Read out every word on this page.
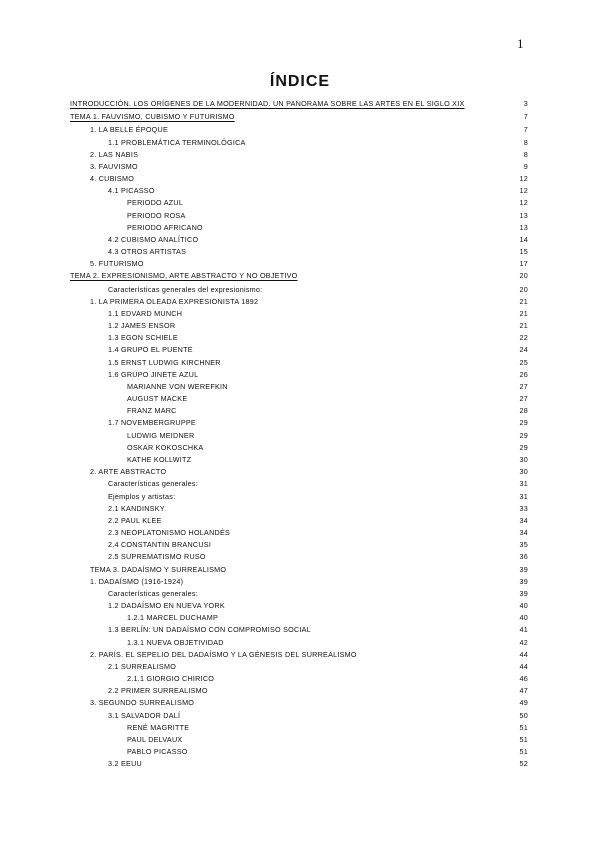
1
ÍNDICE
INTRODUCCIÓN. LOS ORÍGENES DE LA MODERNIDAD. UN PANORAMA SOBRE LAS ARTES EN EL SIGLO XIX	3
TEMA 1. FAUVISMO, CUBISMO Y FUTURISMO	7
1. LA BELLE ÉPOQUE	7
1.1 PROBLEMÁTICA TERMINOLÓGICA	8
2. LAS NABIS	8
3. FAUVISMO	9
4. CUBISMO	12
4.1 PICASSO	12
PERIODO AZUL	12
PERIODO ROSA	13
PERIODO AFRICANO	13
4.2 CUBISMO ANALÍTICO	14
4.3 OTROS ARTISTAS	15
5. FUTURISMO	17
TEMA 2. EXPRESIONISMO, ARTE ABSTRACTO Y NO OBJETIVO	20
Características generales del expresionismo:	20
1. LA PRIMERA OLEADA EXPRESIONISTA 1892	21
1.1 EDVARD MUNCH	21
1.2 JAMES ENSOR	21
1.3 EGON SCHIELE	22
1.4 GRUPO EL PUENTE	24
1.5 ERNST LUDWIG KIRCHNER	25
1.6 GRUPO JINETE AZUL	26
MARIANNE VON WEREFKIN	27
AUGUST MACKE	27
FRANZ MARC	28
1.7 NOVEMBERGRUPPE	29
LUDWIG MEIDNER	29
OSKAR KOKOSCHKA	29
KATHE KOLLWITZ	30
2. ARTE ABSTRACTO	30
Características generales:	31
Ejemplos y artistas:	31
2.1 KANDINSKY	33
2.2 PAUL KLEE	34
2.3 NEOPLATONISMO HOLANDÉS	34
2.4 CONSTANTIN BRANCUSI	35
2.5 SUPREMATISMO RUSO	36
TEMA 3. DADAÍSMO Y SURREALISMO	39
1. DADAÍSMO (1916-1924)	39
Características generales:	39
1.2 DADAÍSMO EN NUEVA YORK	40
1.2.1 MARCEL DUCHAMP	40
1.3 BERLÍN: UN DADAÍSMO CON COMPROMISO SOCIAL	41
1.3.1 NUEVA OBJETIVIDAD	42
2. PARÍS. EL SEPELIO DEL DADAÍSMO Y LA GÉNESIS DEL SURREALISMO	44
2.1 SURREALISMO	44
2.1.1 GIORGIO CHIRICO	46
2.2 PRIMER SURREALISMO	47
3. SEGUNDO SURREALISMO	49
3.1 SALVADOR DALÍ	50
RENÉ MAGRITTE	51
PAUL DELVAUX	51
PABLO PICASSO	51
3.2 EEUU	52
